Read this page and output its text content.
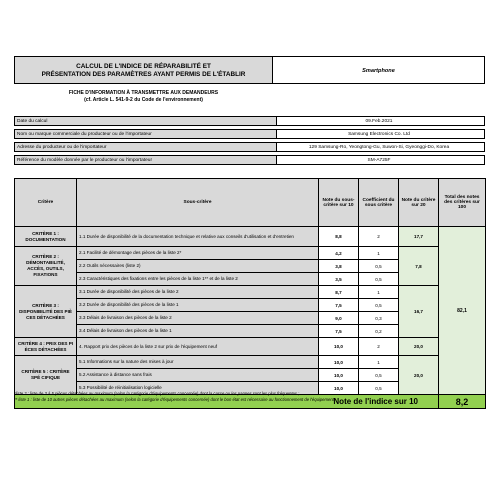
CALCUL DE L'INDICE DE RÉPARABILITÉ ET
PRÉSENTATION DES PARAMÈTRES AYANT PERMIS DE L'ÉTABLIR	Smartphone
FICHE D'INFORMATION À TRANSMETTRE AUX DEMANDEURS
(cf. Article L. 541-9-2 du Code de l'environnement)
Date du calcul	09.Feb.2021
Nom ou marque commerciale du producteur ou de l'importateur	Samsung Electronics Co. Ltd
Adresse du producteur ou de l'importateur	129 Samsung-Ro, Yeongtong-Gu, Suwon-Si, Gyeonggi-Do, Korea
Référence du modèle donnée par le producteur ou l'importateur	SM-A725F
Critère	Sous-critère	Note du sous-critère sur 10	Coefficient du sous critère	Note du critère sur 20	Total des notes des critères sur 100
CRITÈRE 1 : DOCUMENTATION	1.1 Durée de disponibilité de la documentation technique et relative aux conseils d'utilisation et d'entretien	8,8	2	17,7	82,1
CRITÈRE 2 : DÉMONTABILITÉ, ACCÈS, OUTILS, FIXATIONS	2.1 Facilité de démontage des pièces de la liste 2*	4,2	1	7,8	
	2.2 Outils nécessaires (liste 2)	3,8	0,5		
	2.3 Caractéristiques des fixations entre les pièces de la liste 1** et de la liste 2	3,5	0,5		
CRITÈRE 3 : DISPONIBILITÉ DES PIÈ CES DÉTACHÉES	3.1 Durée de disponibilité des pièces de la liste 2	8,7	1	16,7	
	3.2 Durée de disponibilité des pièces de la liste 1	7,5	0,5		
	3.3 Délais de livraison des pièces de la liste 2	9,0	0,3		
	3.4 Délais de livraison des pièces de la liste 1	7,5	0,2		
CRITÈRE 4 : PRIX DES PI ÈCES DÉTACHÉES	4. Rapport prix des pièces de la liste 2 sur prix de l'équipement neuf	10,0	2	20,0	
CRITÈRE 5 : CRITÈRE SPÉ CIFIQUE	5.1 Informations sur la nature des mises à jour	10,0	1	20,0	
	5.2 Assistance à distance sans frais	10,0	0,5		
	5.3 Possibilité de réinitialisation logicielle	10,0	0,5		
Note de l'indice sur 10					8,2
*liste 2 : liste de 3 à 5 pièces détachées au maximum (selon la catégorie d'équipements concernée) dont la casse ou les pannes sont les plus fréquentes ;
** liste 1 : liste de 10 autres pièces détachées au maximum (selon la catégorie d'équipements concernée) dont le bon état est nécessaire au fonctionnement de l'équipement.
